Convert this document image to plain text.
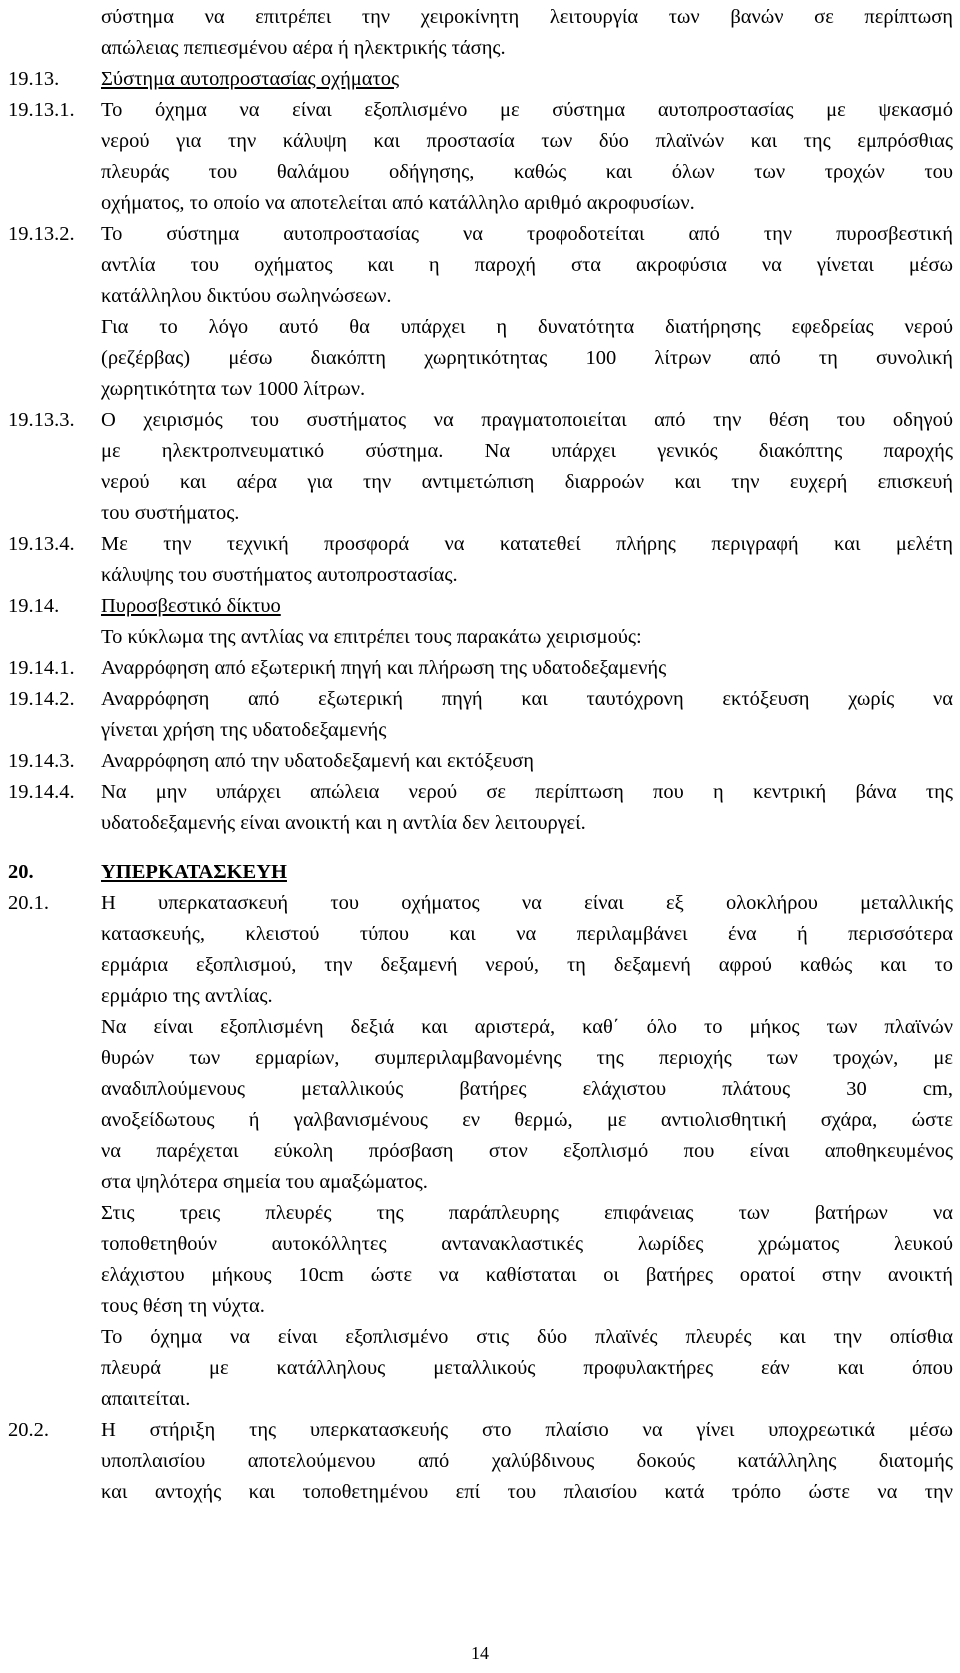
σύστημα να επιτρέπει την χειροκίνητη λειτουργία των βανών σε περίπτωση
απώλειας πεπιεσμένου αέρα ή ηλεκτρικής τάσης.
19.13. Σύστημα αυτοπροστασίας οχήματος
19.13.1. Το όχημα να είναι εξοπλισμένο με σύστημα αυτοπροστασίας με ψεκασμό
νερού για την κάλυψη και προστασία των δύο πλαϊνών και της εμπρόσθιας
πλευράς του θαλάμου οδήγησης, καθώς και όλων των τροχών του
οχήματος, το οποίο να αποτελείται από κατάλληλο αριθμό ακροφυσίων.
19.13.2. Το σύστημα αυτοπροστασίας να τροφοδοτείται από την πυροσβεστική
αντλία του οχήματος και η παροχή στα ακροφύσια να γίνεται μέσω
κατάλληλου δικτύου σωληνώσεων.
Για το λόγο αυτό θα υπάρχει η δυνατότητα διατήρησης εφεδρείας νερού
(ρεζέρβας) μέσω διακόπτη χωρητικότητας 100 λίτρων από τη συνολική
χωρητικότητα των 1000 λίτρων.
19.13.3. Ο χειρισμός του συστήματος να πραγματοποιείται από την θέση του οδηγού
με ηλεκτροπνευματικό σύστημα. Να υπάρχει γενικός διακόπτης παροχής
νερού και αέρα για την αντιμετώπιση διαρροών και την ευχερή επισκευή
του συστήματος.
19.13.4. Με την τεχνική προσφορά να κατατεθεί πλήρης περιγραφή και μελέτη
κάλυψης του συστήματος αυτοπροστασίας.
19.14. Πυροσβεστικό δίκτυο
Το κύκλωμα της αντλίας να επιτρέπει τους παρακάτω χειρισμούς:
19.14.1. Αναρρόφηση από εξωτερική πηγή και πλήρωση της υδατοδεξαμενής
19.14.2. Αναρρόφηση από εξωτερική πηγή και ταυτόχρονη εκτόξευση χωρίς να
γίνεται χρήση της υδατοδεξαμενής
19.14.3. Αναρρόφηση από την υδατοδεξαμενή και εκτόξευση
19.14.4. Να μην υπάρχει απώλεια νερού σε περίπτωση που η κεντρική βάνα της
υδατοδεξαμενής είναι ανοικτή και η αντλία δεν λειτουργεί.
20.	ΥΠΕΡΚΑΤΑΣΚΕΥΗ
20.1.	Η υπερκατασκευή του οχήματος να είναι εξ ολοκλήρου μεταλλικής
κατασκευής, κλειστού τύπου και να περιλαμβάνει ένα ή περισσότερα
ερμάρια εξοπλισμού, την δεξαμενή νερού, τη δεξαμενή αφρού καθώς και το
ερμάριο της αντλίας.
Να είναι εξοπλισμένη δεξιά και αριστερά, καθ΄ όλο το μήκος των πλαϊνών
θυρών των ερμαρίων, συμπεριλαμβανομένης της περιοχής των τροχών, με
αναδιπλούμενους μεταλλικούς βατήρες ελάχιστου πλάτους 30 cm,
ανοξείδωτους ή γαλβανισμένους εν θερμώ, με αντιολισθητική σχάρα, ώστε
να παρέχεται εύκολη πρόσβαση στον εξοπλισμό που είναι αποθηκευμένος
στα ψηλότερα σημεία του αμαξώματος.
Στις τρεις πλευρές της παράπλευρης επιφάνειας των βατήρων να
τοποθετηθούν αυτοκόλλητες αντανακλαστικές λωρίδες χρώματος λευκού
ελάχιστου μήκους 10cm ώστε να καθίσταται οι βατήρες ορατοί στην ανοικτή
τους θέση τη νύχτα.
Το όχημα να είναι εξοπλισμένο στις δύο πλαϊνές πλευρές και την οπίσθια
πλευρά με κατάλληλους μεταλλικούς προφυλακτήρες εάν και όπου
απαιτείται.
20.2.	Η στήριξη της υπερκατασκευής στο πλαίσιο να γίνει υποχρεωτικά μέσω
υποπλαισίου αποτελούμενου από χαλύβδινους δοκούς κατάλληλης διατομής
και αντοχής και τοποθετημένου επί του πλαισίου κατά τρόπο ώστε να την
14
